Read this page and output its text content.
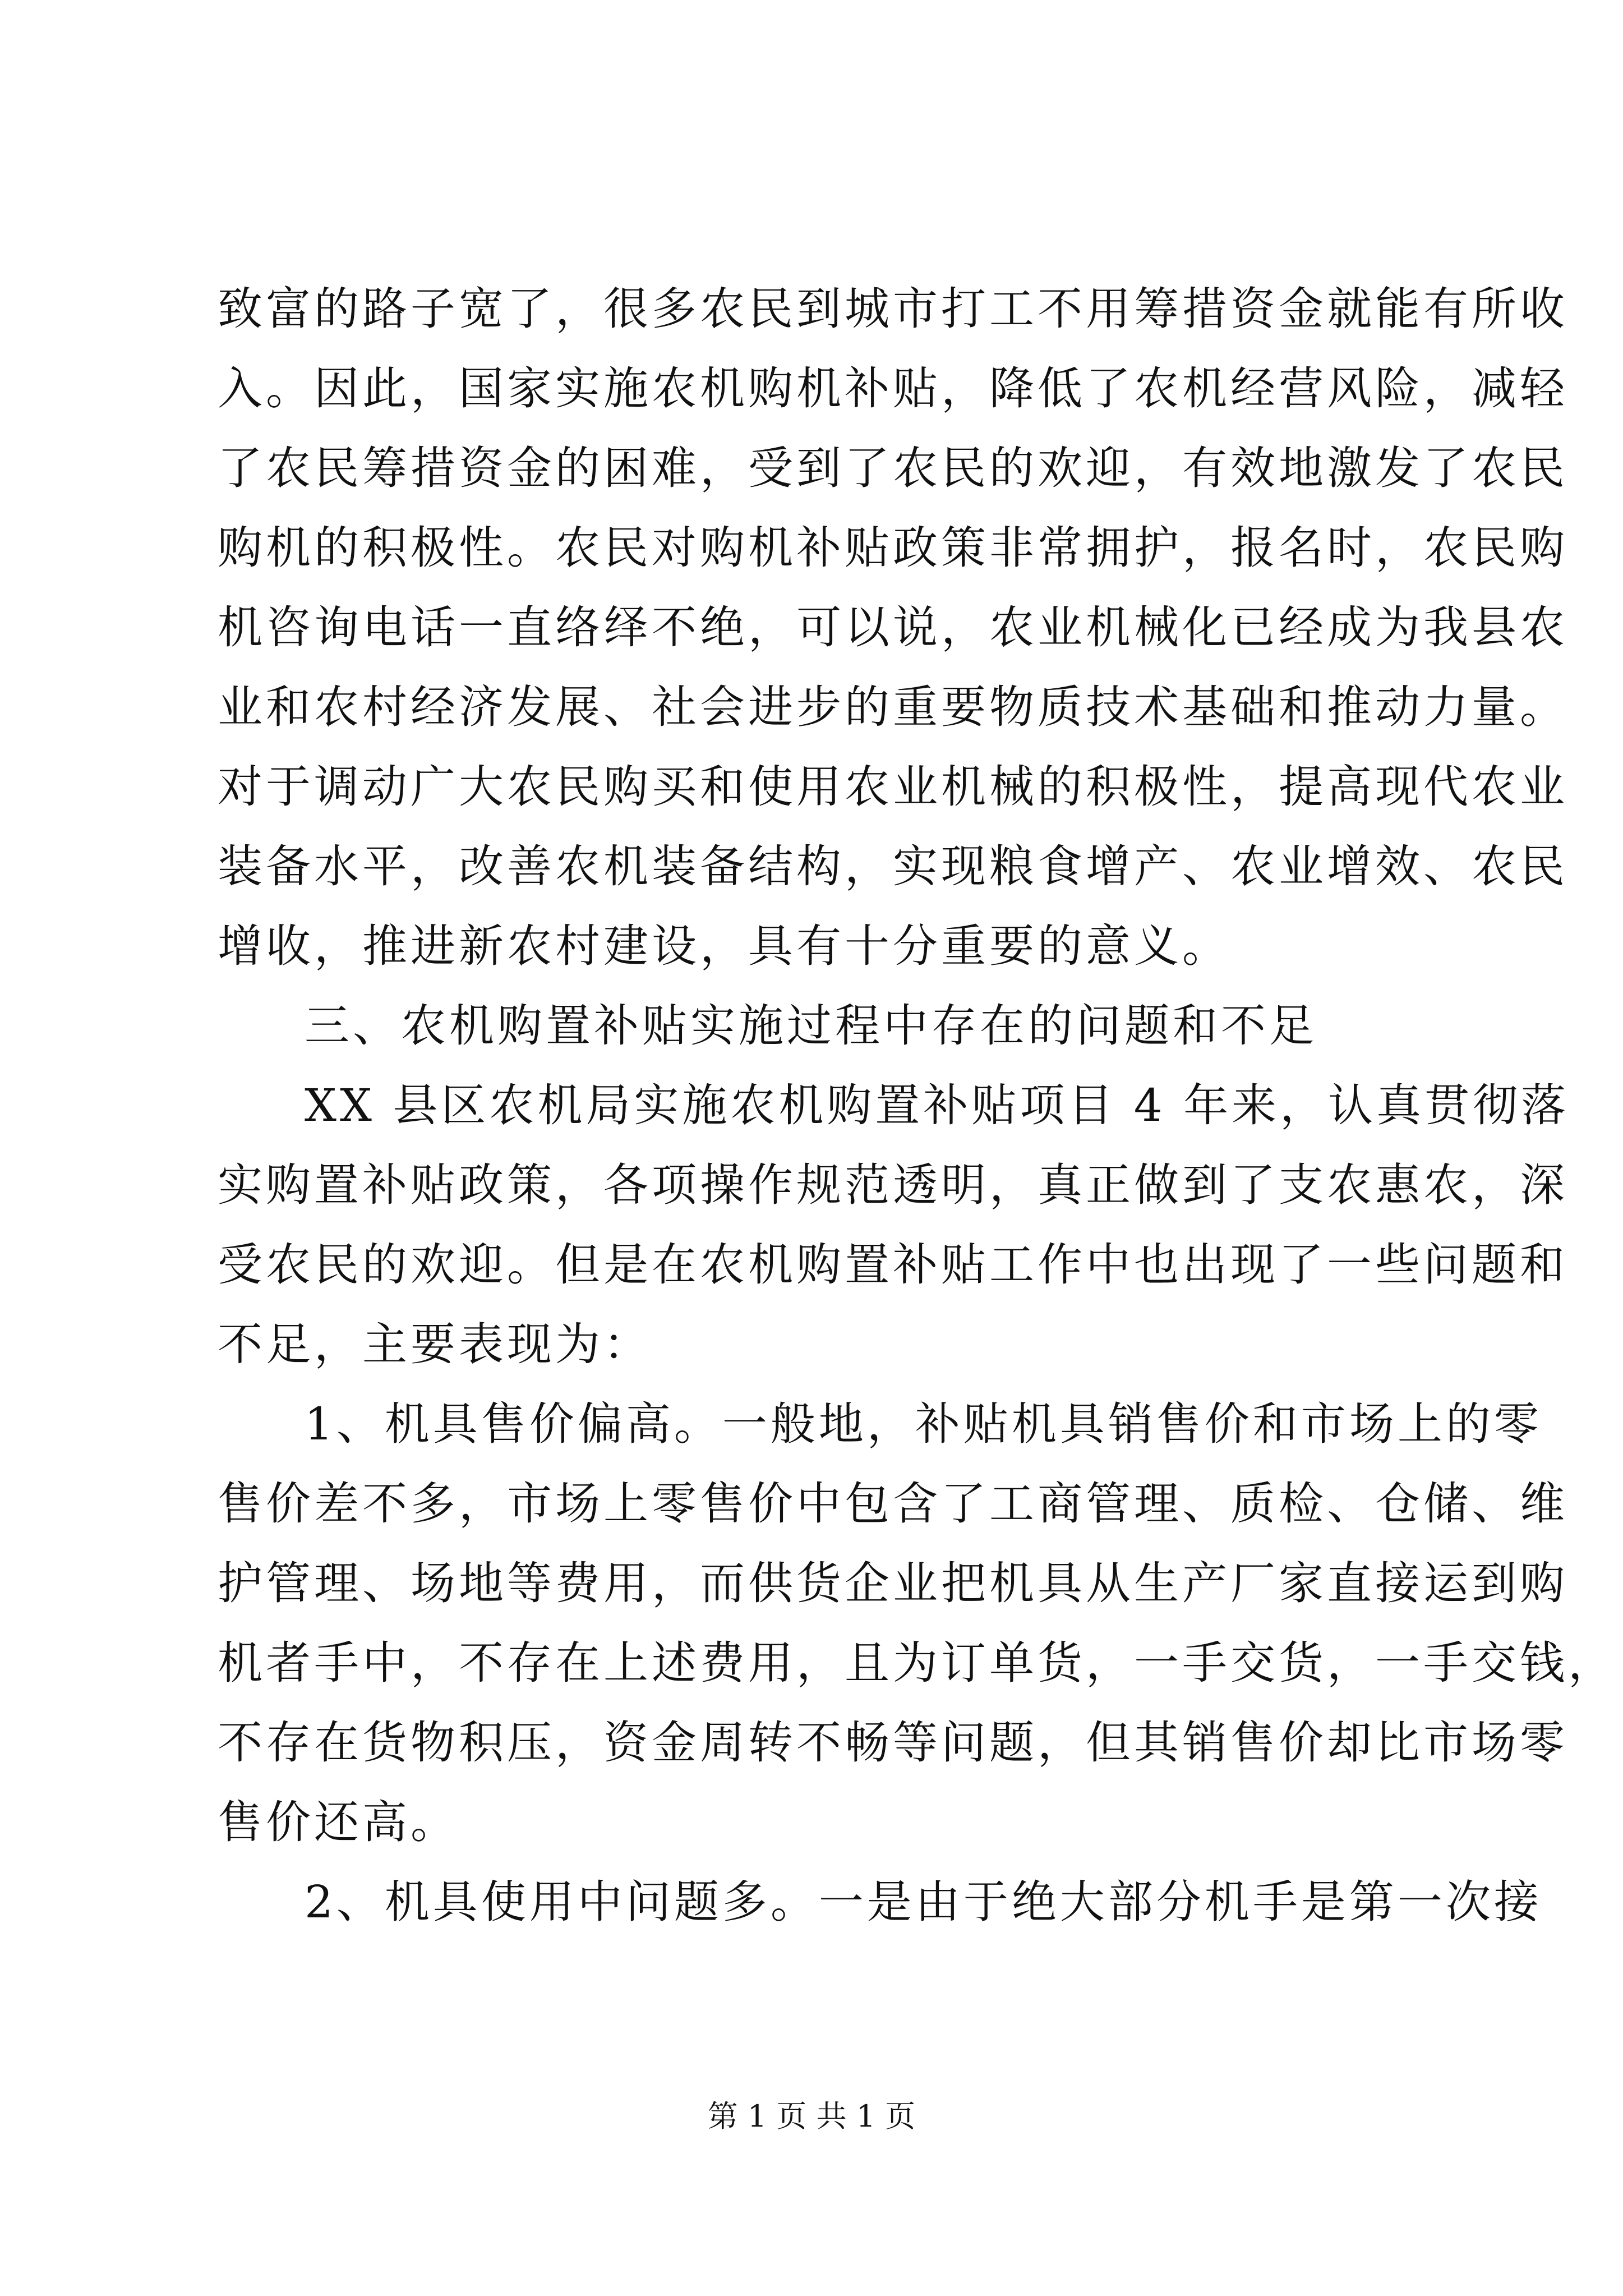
致富的路子宽了，很多农民到城市打工不用筹措资金就能有所收
入。因此，国家实施农机购机补贴，降低了农机经营风险，减轻
了农民筹措资金的困难，受到了农民的欢迎，有效地激发了农民
购机的积极性。农民对购机补贴政策非常拥护，报名时，农民购
机咨询电话一直络绎不绝，可以说，农业机械化已经成为我县农
业和农村经济发展、社会进步的重要物质技术基础和推动力量。
对于调动广大农民购买和使用农业机械的积极性，提高现代农业
装备水平，改善农机装备结构，实现粮食增产、农业增效、农民
增收，推进新农村建设，具有十分重要的意义。
三、农机购置补贴实施过程中存在的问题和不足
XX 县区农机局实施农机购置补贴项目 4 年来，认真贯彻落
实购置补贴政策，各项操作规范透明，真正做到了支农惠农，深
受农民的欢迎。但是在农机购置补贴工作中也出现了一些问题和
不足，主要表现为：
1、机具售价偏高。一般地，补贴机具销售价和市场上的零
售价差不多，市场上零售价中包含了工商管理、质检、仓储、维
护管理、场地等费用，而供货企业把机具从生产厂家直接运到购
机者手中，不存在上述费用，且为订单货，一手交货，一手交钱，
不存在货物积压，资金周转不畅等问题，但其销售价却比市场零
售价还高。
2、机具使用中问题多。一是由于绝大部分机手是第一次接
第 1 页 共 1 页
